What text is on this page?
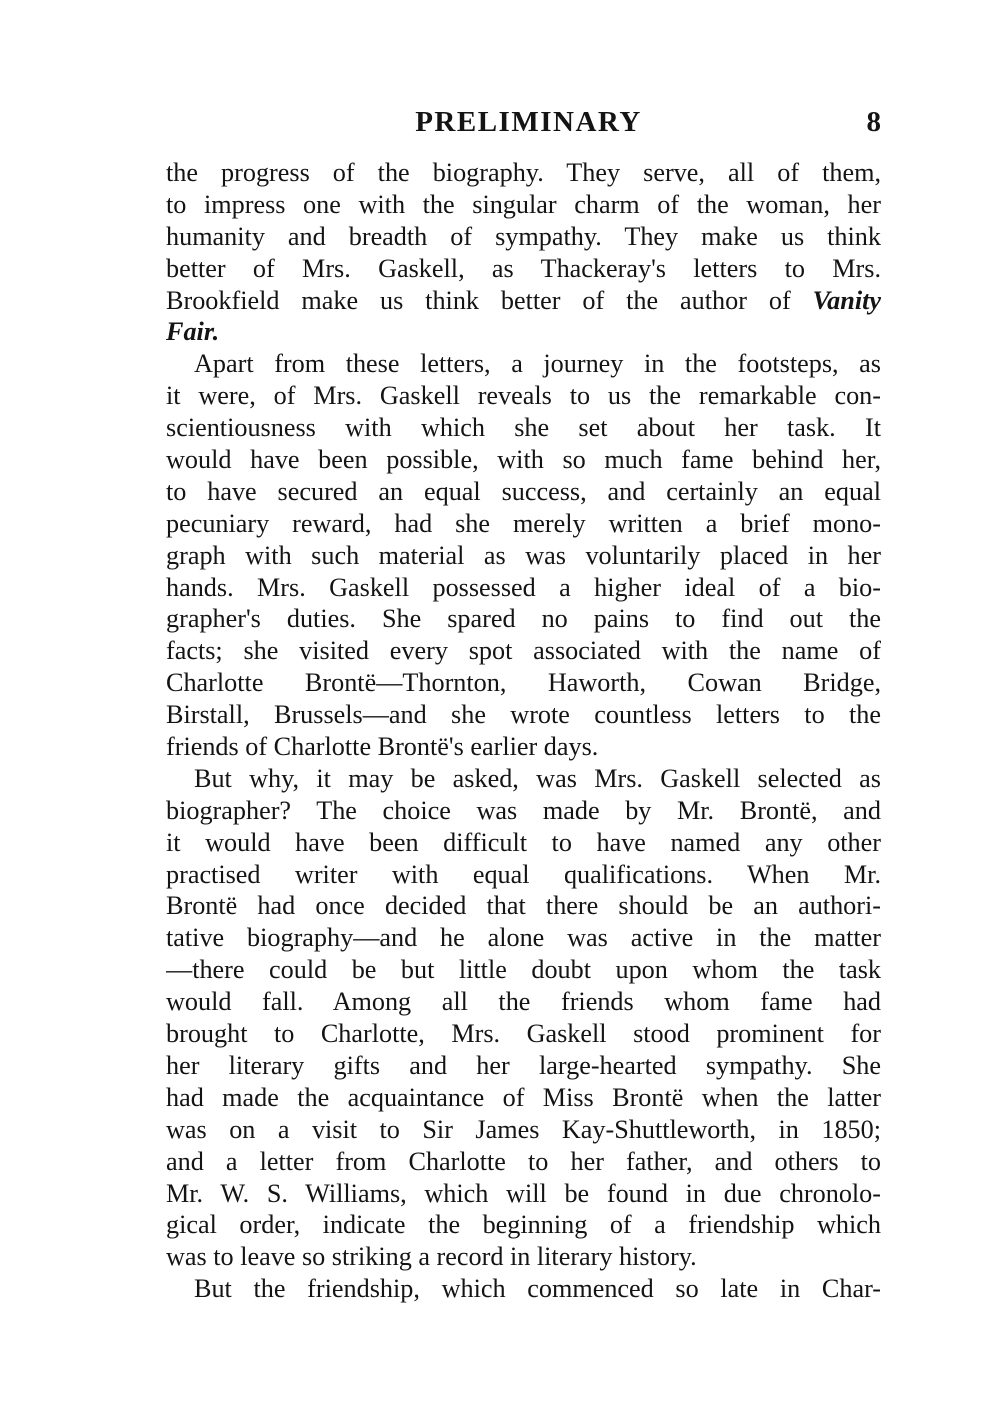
PRELIMINARY	8
the progress of the biography. They serve, all of them,
to impress one with the singular charm of the woman, her
humanity and breadth of sympathy. They make us think
better of Mrs. Gaskell, as Thackeray's letters to Mrs.
Brookfield make us think better of the author of Vanity
Fair.
Apart from these letters, a journey in the footsteps, as
it were, of Mrs. Gaskell reveals to us the remarkable con-
scientiousness with which she set about her task. It
would have been possible, with so much fame behind her,
to have secured an equal success, and certainly an equal
pecuniary reward, had she merely written a brief mono-
graph with such material as was voluntarily placed in her
hands. Mrs. Gaskell possessed a higher ideal of a bio-
grapher's duties. She spared no pains to find out the
facts; she visited every spot associated with the name of
Charlotte Brontë—Thornton, Haworth, Cowan Bridge,
Birstall, Brussels—and she wrote countless letters to the
friends of Charlotte Brontë's earlier days.
But why, it may be asked, was Mrs. Gaskell selected as
biographer? The choice was made by Mr. Brontë, and
it would have been difficult to have named any other
practised writer with equal qualifications. When Mr.
Brontë had once decided that there should be an authori-
tative biography—and he alone was active in the matter
—there could be but little doubt upon whom the task
would fall. Among all the friends whom fame had
brought to Charlotte, Mrs. Gaskell stood prominent for
her literary gifts and her large-hearted sympathy. She
had made the acquaintance of Miss Brontë when the latter
was on a visit to Sir James Kay-Shuttleworth, in 1850;
and a letter from Charlotte to her father, and others to
Mr. W. S. Williams, which will be found in due chronolo-
gical order, indicate the beginning of a friendship which
was to leave so striking a record in literary history.
But the friendship, which commenced so late in Char-
